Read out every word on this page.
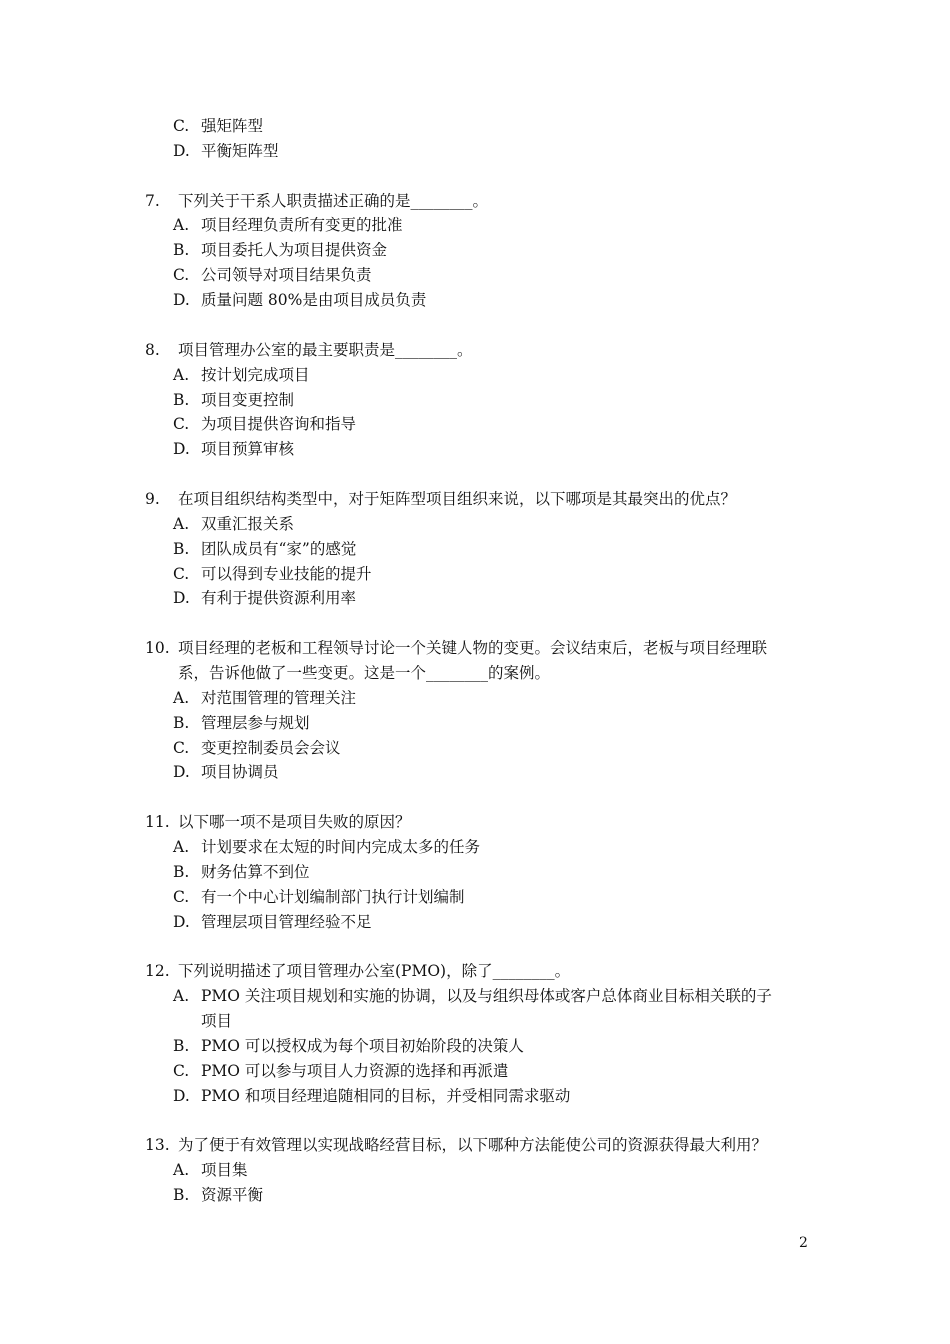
C. 强矩阵型
D. 平衡矩阵型
7. 下列关于干系人职责描述正确的是________。
A. 项目经理负责所有变更的批准
B. 项目委托人为项目提供资金
C. 公司领导对项目结果负责
D. 质量问题 80%是由项目成员负责
8. 项目管理办公室的最主要职责是________。
A. 按计划完成项目
B. 项目变更控制
C. 为项目提供咨询和指导
D. 项目预算审核
9. 在项目组织结构类型中，对于矩阵型项目组织来说，以下哪项是其最突出的优点？
A. 双重汇报关系
B. 团队成员有“家”的感觉
C. 可以得到专业技能的提升
D. 有利于提供资源利用率
10. 项目经理的老板和工程领导讨论一个关键人物的变更。会议结束后，老板与项目经理联
系，告诉他做了一些变更。这是一个________的案例。
A. 对范围管理的管理关注
B. 管理层参与规划
C. 变更控制委员会会议
D. 项目协调员
11. 以下哪一项不是项目失败的原因？
A. 计划要求在太短的时间内完成太多的任务
B. 财务估算不到位
C. 有一个中心计划编制部门执行计划编制
D. 管理层项目管理经验不足
12. 下列说明描述了项目管理办公室(PMO)，除了________。
A. PMO 关注项目规划和实施的协调，以及与组织母体或客户总体商业目标相关联的子
项目
B. PMO 可以授权成为每个项目初始阶段的决策人
C. PMO 可以参与项目人力资源的选择和再派遣
D. PMO 和项目经理追随相同的目标，并受相同需求驱动
13. 为了便于有效管理以实现战略经营目标，以下哪种方法能使公司的资源获得最大利用？
A. 项目集
B. 资源平衡
2
